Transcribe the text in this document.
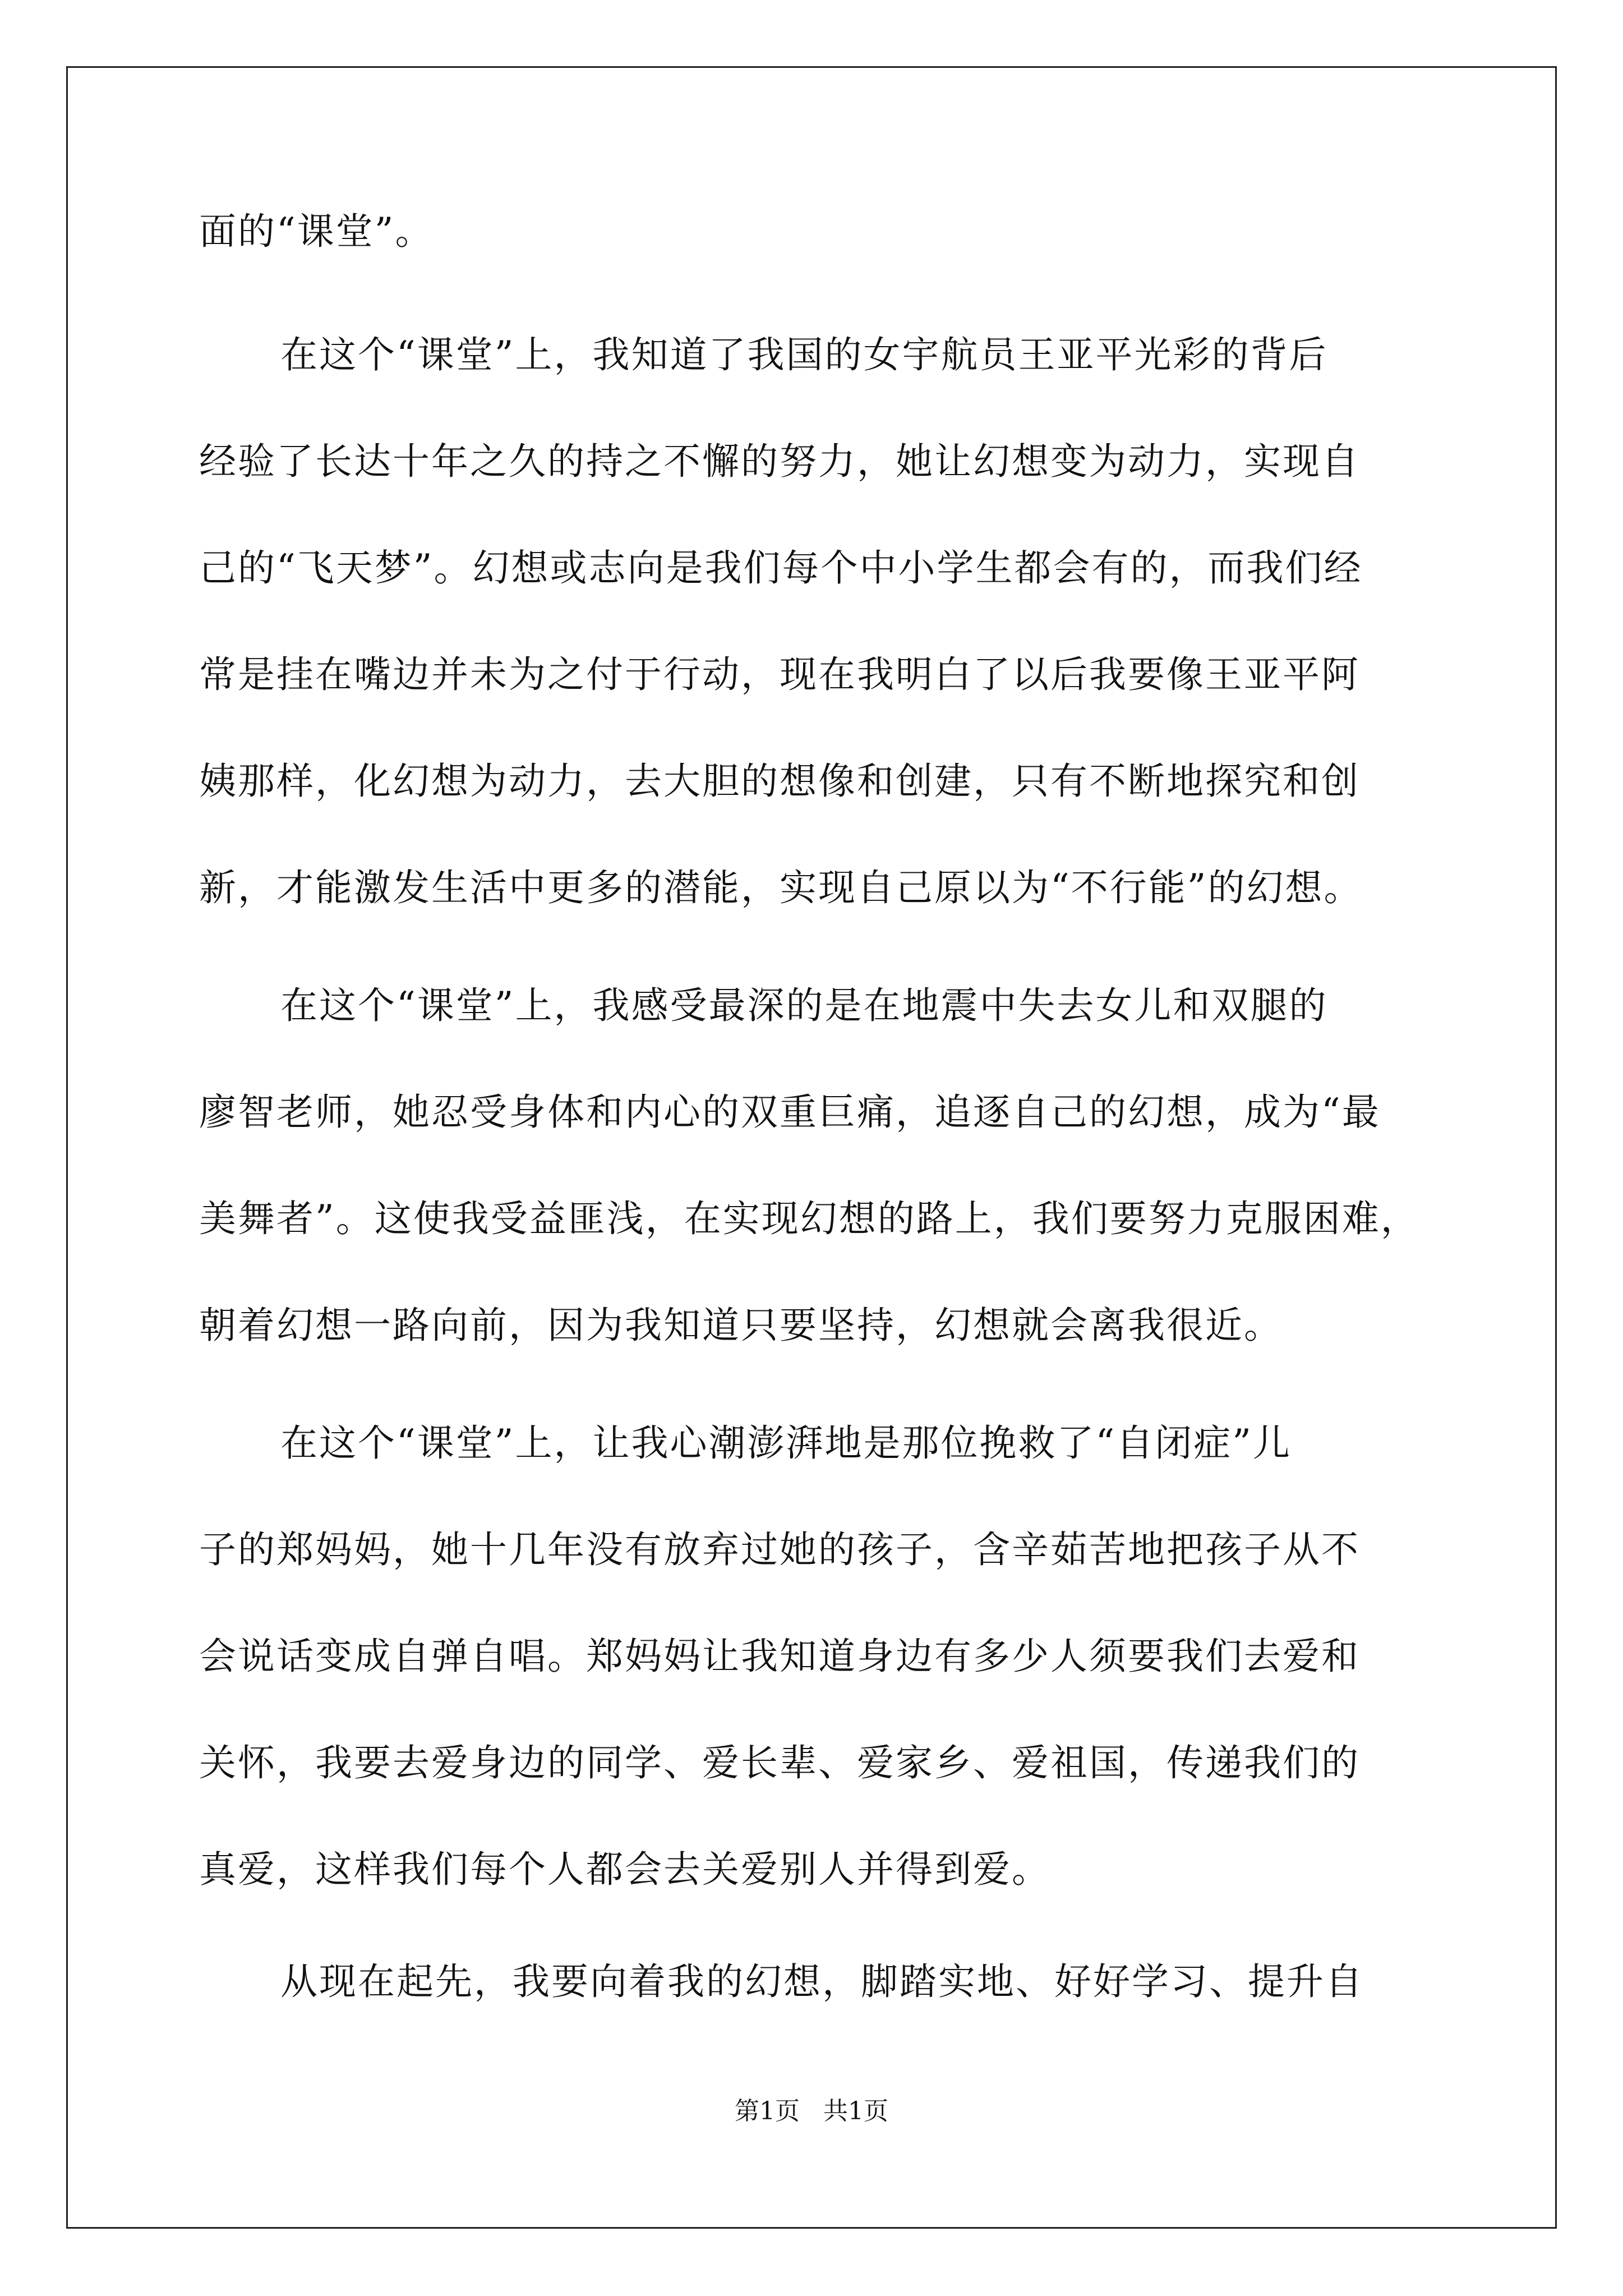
面的“课堂”。
在这个“课堂”上，我知道了我国的女宇航员王亚平光彩的背后
经验了长达十年之久的持之不懈的努力，她让幻想变为动力，实现自
己的“飞天梦”。幻想或志向是我们每个中小学生都会有的，而我们经
常是挂在嘴边并未为之付于行动，现在我明白了以后我要像王亚平阿
姨那样，化幻想为动力，去大胆的想像和创建，只有不断地探究和创
新，才能激发生活中更多的潜能，实现自己原以为“不行能”的幻想。
在这个“课堂”上，我感受最深的是在地震中失去女儿和双腿的
廖智老师，她忍受身体和内心的双重巨痛，追逐自己的幻想，成为“最
美舞者”。这使我受益匪浅，在实现幻想的路上，我们要努力克服困难，
朝着幻想一路向前，因为我知道只要坚持，幻想就会离我很近。
在这个“课堂”上，让我心潮澎湃地是那位挽救了“自闭症”儿
子的郑妈妈，她十几年没有放弃过她的孩子，含辛茹苦地把孩子从不
会说话变成自弹自唱。郑妈妈让我知道身边有多少人须要我们去爱和
关怀，我要去爱身边的同学、爱长辈、爱家乡、爱祖国，传递我们的
真爱，这样我们每个人都会去关爱别人并得到爱。
从现在起先，我要向着我的幻想，脚踏实地、好好学习、提升自
第1页   共1页
